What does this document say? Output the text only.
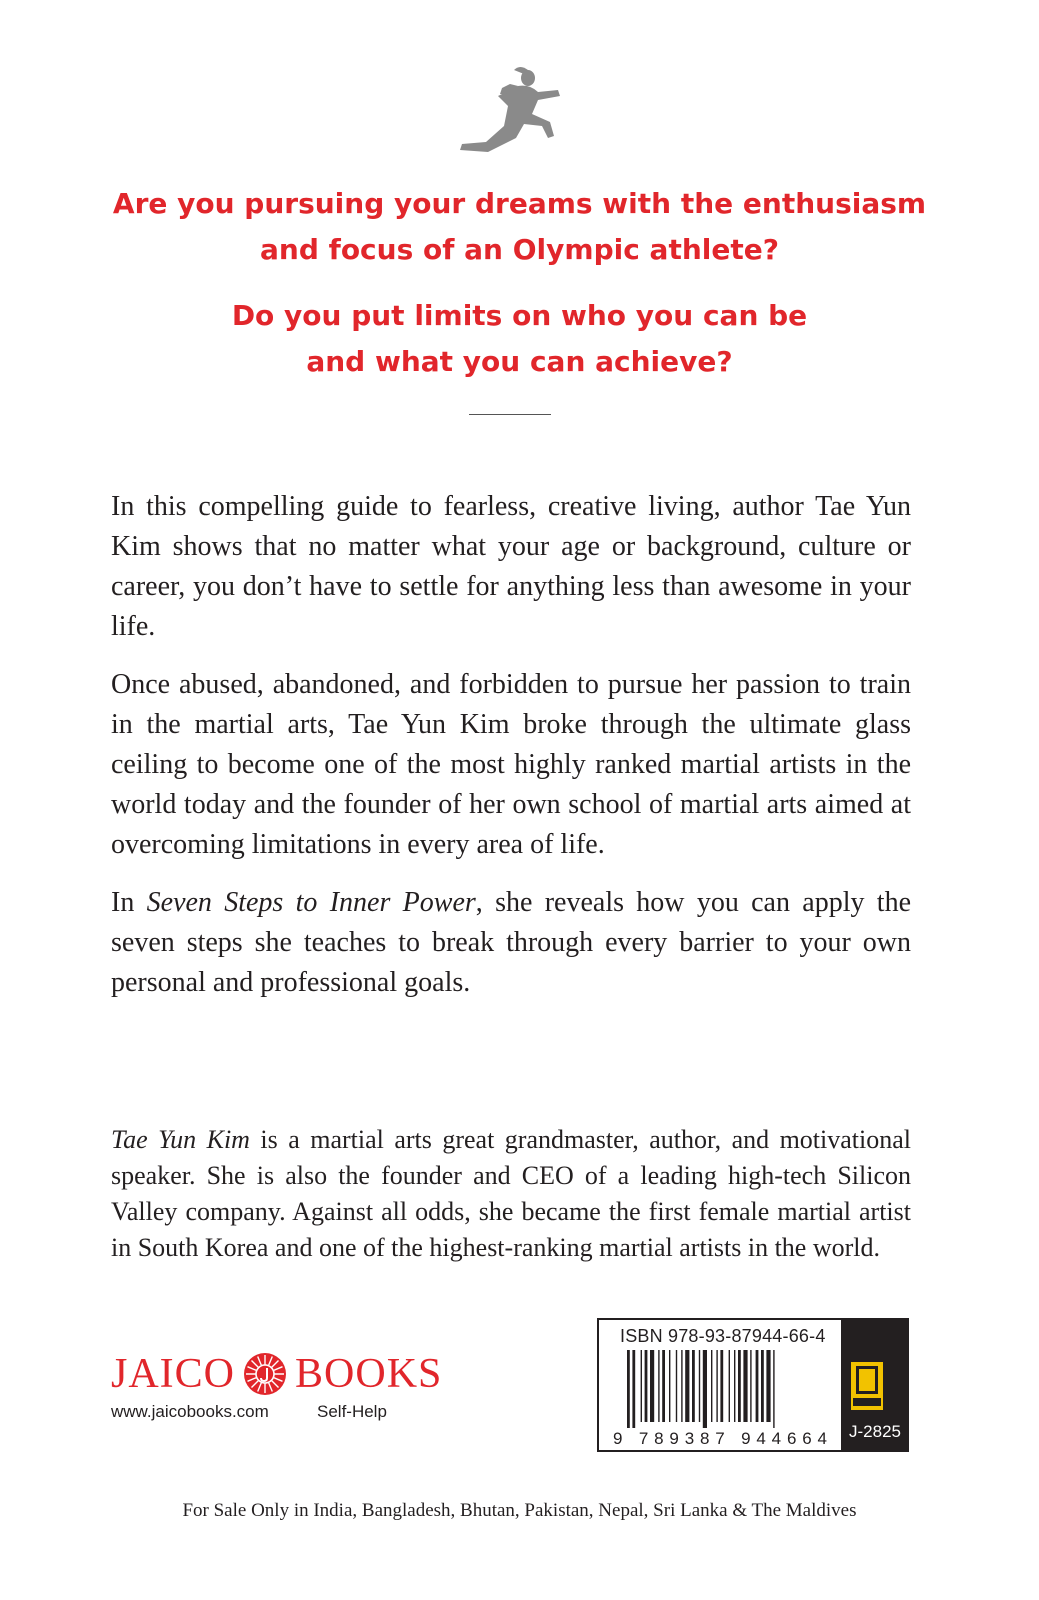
Are you pursuing your dreams with the enthusiasm
and focus of an Olympic athlete?
Do you put limits on who you can be
and what you can achieve?

In this compelling guide to fearless, creative living, author Tae Yun Kim shows that no matter what your age or background, culture or career, you don’t have to settle for anything less than awesome in your life.

Once abused, abandoned, and forbidden to pursue her passion to train in the martial arts, Tae Yun Kim broke through the ultimate glass ceiling to become one of the most highly ranked martial artists in the world today and the founder of her own school of martial arts aimed at overcoming limitations in every area of life.

In Seven Steps to Inner Power, she reveals how you can apply the seven steps she teaches to break through every barrier to your own personal and professional goals.

Tae Yun Kim is a martial arts great grandmaster, author, and motivational speaker. She is also the founder and CEO of a leading high-tech Silicon Valley company. Against all odds, she became the first female martial artist in South Korea and one of the highest-ranking martial artists in the world.

JAICO BOOKS
www.jaicobooks.com	Self-Help
ISBN 978-93-87944-66-4
9 789387 944664 J-2825
For Sale Only in India, Bangladesh, Bhutan, Pakistan, Nepal, Sri Lanka & The Maldives
